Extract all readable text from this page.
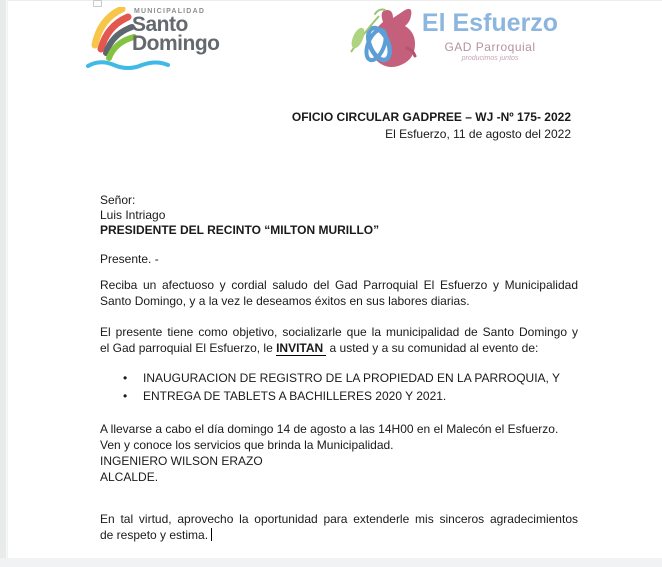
MUNICIPALIDAD
Santo
Domingo
El Esfuerzo
GAD Parroquial
producimos juntos
OFICIO CIRCULAR GADPREE – WJ -Nº 175- 2022
El Esfuerzo, 11 de agosto del 2022
Señor:
Luis Intriago
PRESIDENTE DEL RECINTO “MILTON MURILLO”
Presente. -
Reciba un afectuoso y cordial saludo del Gad Parroquial El Esfuerzo y Municipalidad
Santo Domingo, y a la vez le deseamos éxitos en sus labores diarias.
El presente tiene como objetivo, socializarle que la municipalidad de Santo Domingo y
el Gad parroquial El Esfuerzo, le INVITAN a usted y a su comunidad al evento de:
•
INAUGURACION DE REGISTRO DE LA PROPIEDAD EN LA PARROQUIA, Y
•
ENTREGA DE TABLETS A BACHILLERES 2020 Y 2021.
A llevarse a cabo el día domingo 14 de agosto a las 14H00 en el Malecón el Esfuerzo.
Ven y conoce los servicios que brinda la Municipalidad.
INGENIERO WILSON ERAZO
ALCALDE.
En tal virtud, aprovecho la oportunidad para extenderle mis sinceros agradecimientos
de respeto y estima.
